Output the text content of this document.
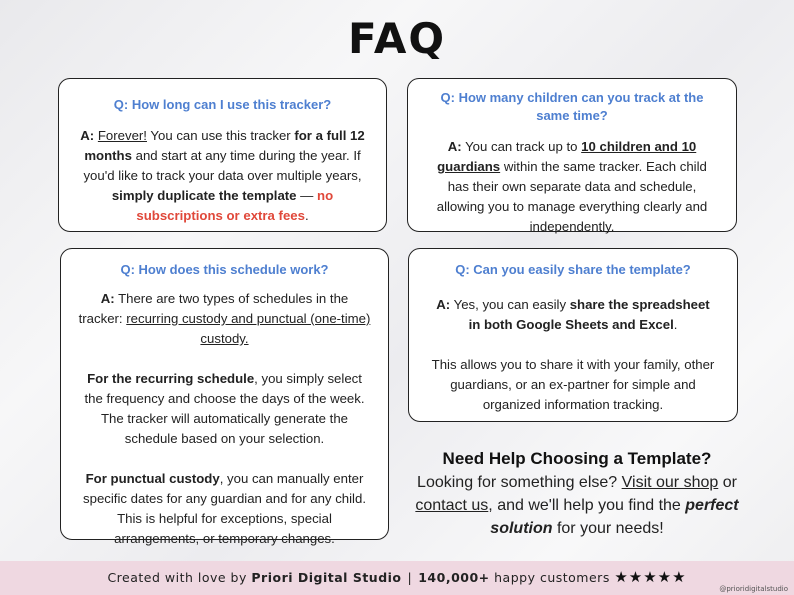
FAQ
Q: How long can I use this tracker?

A: Forever! You can use this tracker for a full 12 months and start at any time during the year. If you'd like to track your data over multiple years, simply duplicate the template — no subscriptions or extra fees.

Q: How many children can you track at the same time?

A: You can track up to 10 children and 10 guardians within the same tracker. Each child has their own separate data and schedule, allowing you to manage everything clearly and independently.

Q: How does this schedule work?

A: There are two types of schedules in the tracker: recurring custody and punctual (one-time) custody.

For the recurring schedule, you simply select the frequency and choose the days of the week. The tracker will automatically generate the schedule based on your selection.

For punctual custody, you can manually enter specific dates for any guardian and for any child. This is helpful for exceptions, special arrangements, or temporary changes.

Q: Can you easily share the template?

A: Yes, you can easily share the spreadsheet in both Google Sheets and Excel.

This allows you to share it with your family, other guardians, or an ex-partner for simple and organized information tracking.

Need Help Choosing a Template?
Looking for something else? Visit our shop or contact us, and we'll help you find the perfect solution for your needs!
Created with love by Priori Digital Studio | 140,000+ happy customers ★★★★★
@prioridigitalstudio
